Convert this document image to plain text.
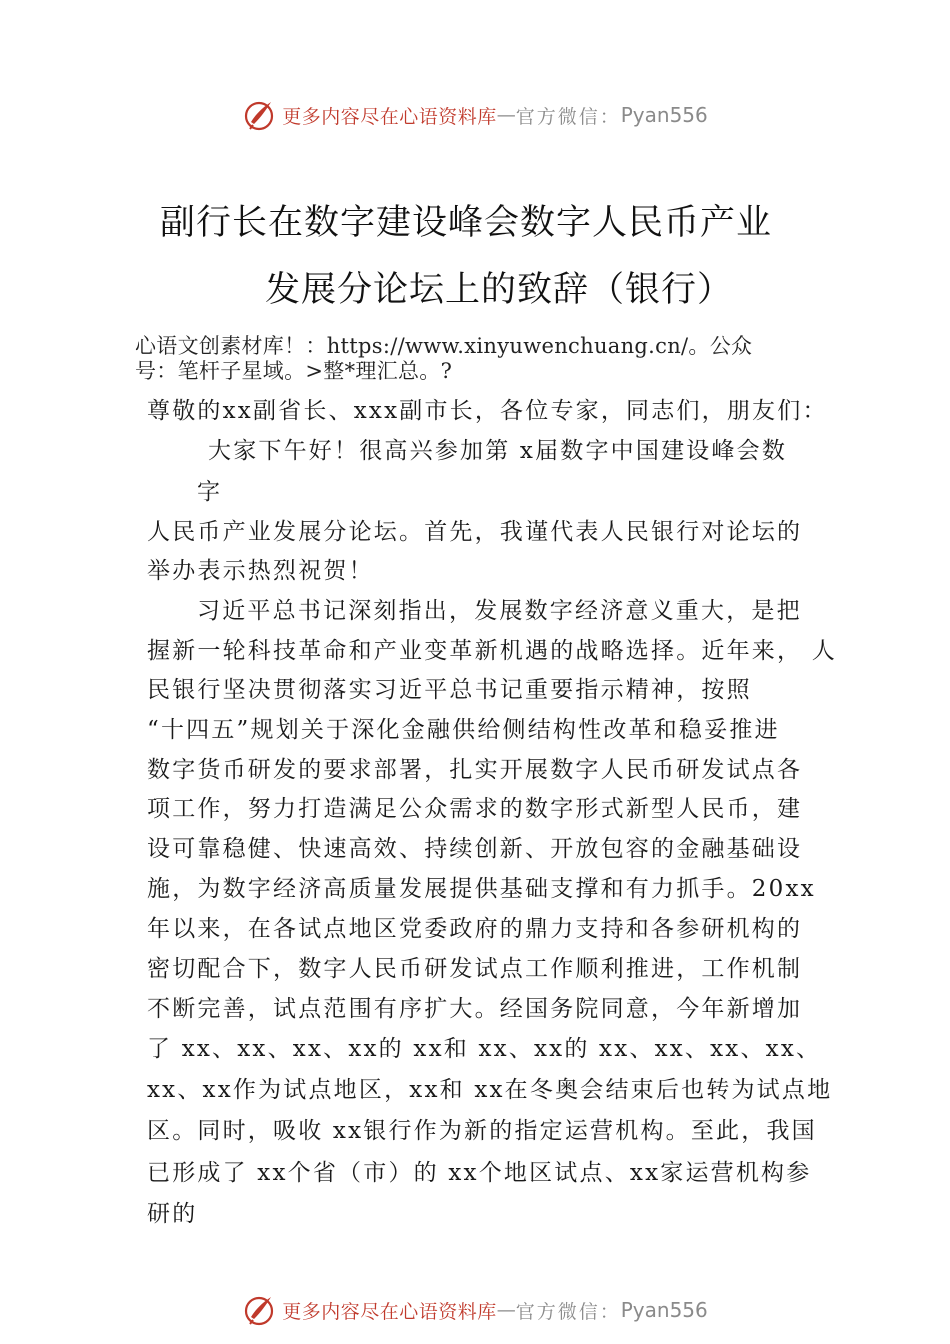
更多内容尽在心语资料库 — 官方微信： Pyan556
副行长在数字建设峰会数字人民币产业
发展分论坛上的致辞（银行）
心语文创素材库！：https://www.xinyuwenchuang.cn/。公众
号：笔杆子星域。>整*理汇总。?
尊敬的xx副省长、xxx副市长，各位专家，同志们，朋友们：
大家下午好！很高兴参加第 x届数字中国建设峰会数
字
人民币产业发展分论坛。首先，我谨代表人民银行对论坛的
举办表示热烈祝贺！
习近平总书记深刻指出，发展数字经济意义重大，是把
握新一轮科技革命和产业变革新机遇的战略选择。近年来， 人
民银行坚决贯彻落实习近平总书记重要指示精神，按照
“十四五”规划关于深化金融供给侧结构性改革和稳妥推进
数字货币研发的要求部署，扎实开展数字人民币研发试点各
项工作，努力打造满足公众需求的数字形式新型人民币，建
设可靠稳健、快速高效、持续创新、开放包容的金融基础设
施，为数字经济高质量发展提供基础支撑和有力抓手。20xx
年以来，在各试点地区党委政府的鼎力支持和各参研机构的
密切配合下，数字人民币研发试点工作顺利推进，工作机制
不断完善，试点范围有序扩大。经国务院同意，今年新增加
了 xx、xx、xx、xx的 xx和 xx、xx的 xx、xx、xx、xx、
xx、xx作为试点地区，xx和 xx在冬奥会结束后也转为试点地
区。同时，吸收 xx银行作为新的指定运营机构。至此，我国
已形成了 xx个省（市）的 xx个地区试点、xx家运营机构参
研的
更多内容尽在心语资料库 — 官方微信： Pyan556
